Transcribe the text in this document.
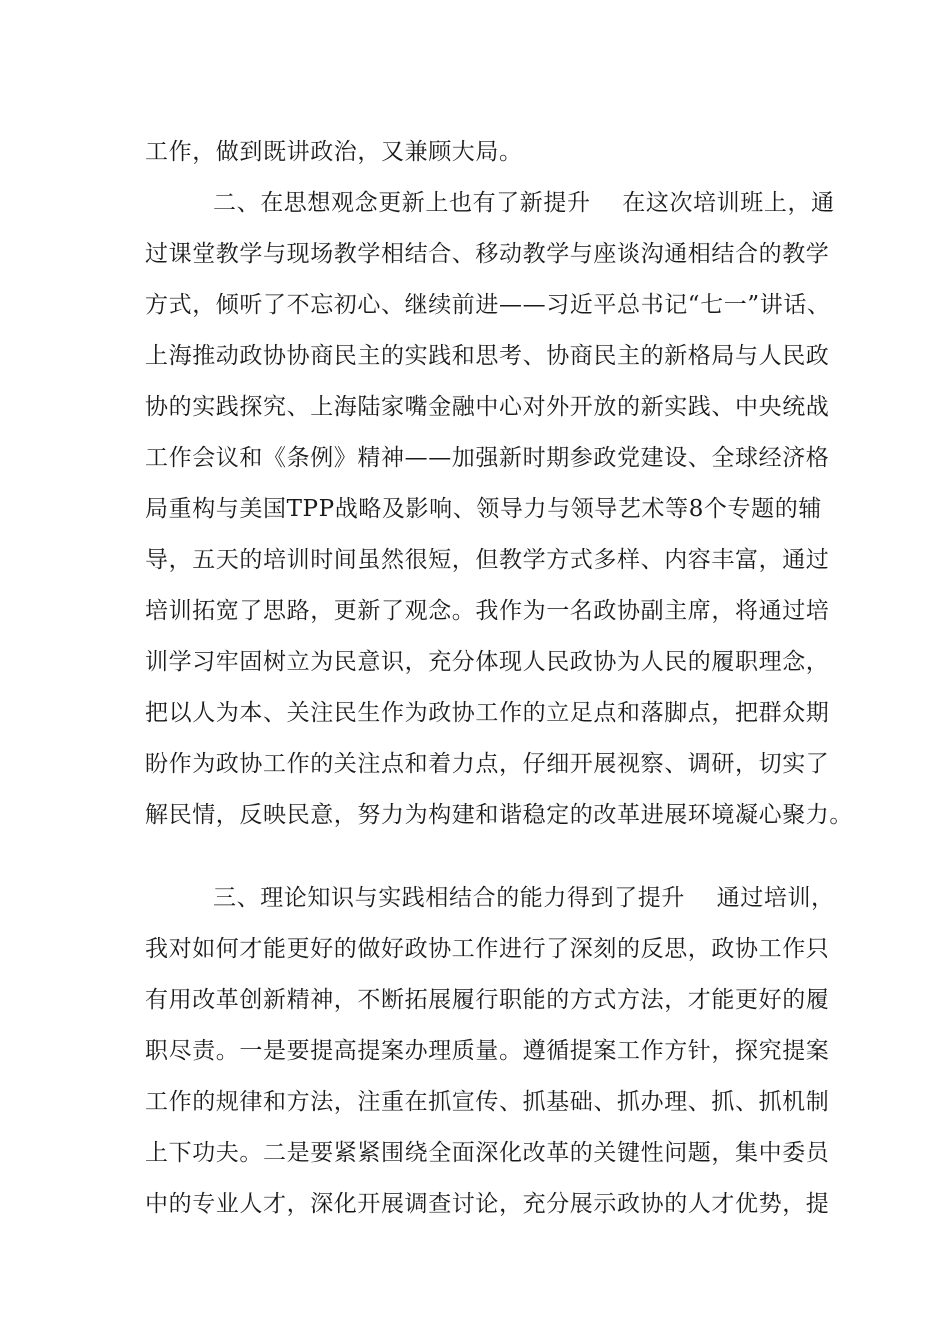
工作，做到既讲政治，又兼顾大局。

二、在思想观念更新上也有了新提升    在这次培训班上，通

过课堂教学与现场教学相结合、移动教学与座谈沟通相结合的教学

方式，倾听了不忘初心、继续前进——习近平总书记“七一”讲话、

上海推动政协协商民主的实践和思考、协商民主的新格局与人民政

协的实践探究、上海陆家嘴金融中心对外开放的新实践、中央统战

工作会议和《条例》精神——加强新时期参政党建设、全球经济格

局重构与美国TPP战略及影响、领导力与领导艺术等8个专题的辅

导，五天的培训时间虽然很短，但教学方式多样、内容丰富，通过

培训拓宽了思路，更新了观念。我作为一名政协副主席，将通过培

训学习牢固树立为民意识，充分体现人民政协为人民的履职理念，

把以人为本、关注民生作为政协工作的立足点和落脚点，把群众期

盼作为政协工作的关注点和着力点，仔细开展视察、调研，切实了

解民情，反映民意，努力为构建和谐稳定的改革进展环境凝心聚力。

三、理论知识与实践相结合的能力得到了提升    通过培训，

我对如何才能更好的做好政协工作进行了深刻的反思，政协工作只

有用改革创新精神，不断拓展履行职能的方式方法，才能更好的履

职尽责。一是要提高提案办理质量。遵循提案工作方针，探究提案

工作的规律和方法，注重在抓宣传、抓基础、抓办理、抓、抓机制

上下功夫。二是要紧紧围绕全面深化改革的关键性问题，集中委员

中的专业人才，深化开展调查讨论，充分展示政协的人才优势，提
